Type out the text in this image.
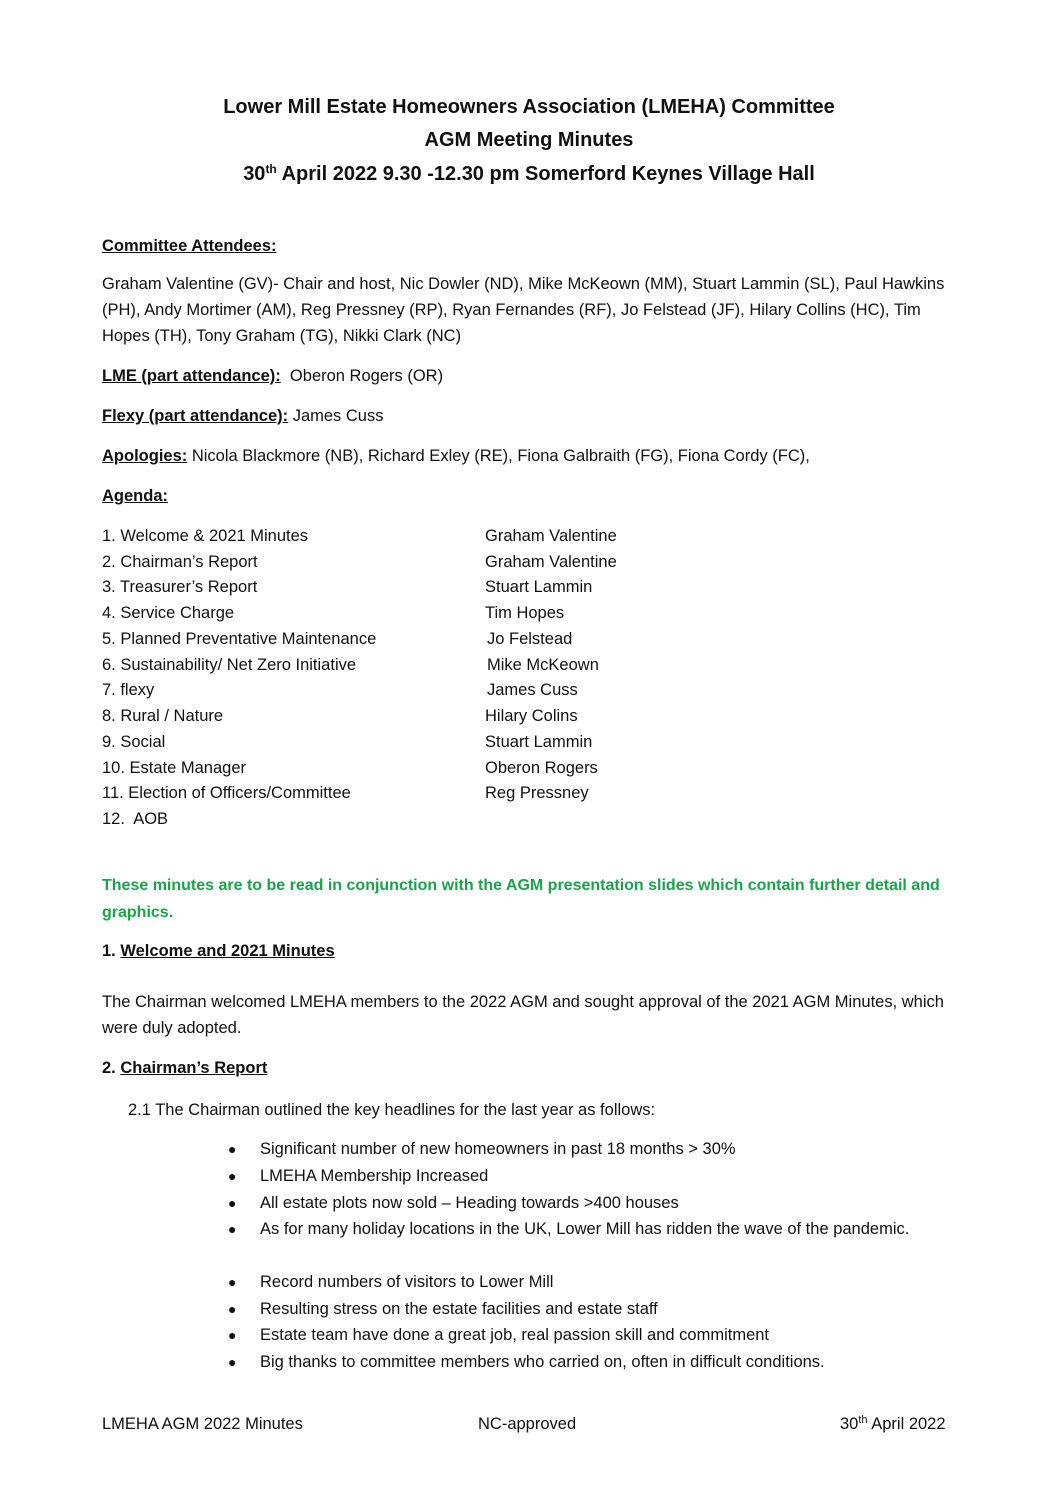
Lower Mill Estate Homeowners Association (LMEHA) Committee
AGM Meeting Minutes
30th April 2022 9.30 -12.30 pm Somerford Keynes Village Hall
Committee Attendees:
Graham Valentine (GV)- Chair and host, Nic Dowler (ND), Mike McKeown (MM), Stuart Lammin (SL), Paul Hawkins (PH), Andy Mortimer (AM), Reg Pressney (RP), Ryan Fernandes (RF), Jo Felstead (JF), Hilary Collins (HC), Tim Hopes (TH), Tony Graham (TG), Nikki Clark (NC)
LME (part attendance):  Oberon Rogers (OR)
Flexy (part attendance): James Cuss
Apologies: Nicola Blackmore (NB), Richard Exley (RE), Fiona Galbraith (FG), Fiona Cordy (FC),
Agenda:
1. Welcome & 2021 Minutes	Graham Valentine
2. Chairman’s Report	Graham Valentine
3. Treasurer’s Report	Stuart Lammin
4. Service Charge	Tim Hopes
5. Planned Preventative Maintenance	Jo Felstead
6. Sustainability/ Net Zero Initiative	Mike McKeown
7. flexy	James Cuss
8. Rural / Nature	Hilary Colins
9. Social	Stuart Lammin
10. Estate Manager	Oberon Rogers
11. Election of Officers/Committee	Reg Pressney
12.  AOB
These minutes are to be read in conjunction with the AGM presentation slides which contain further detail and graphics.
1. Welcome and 2021 Minutes
The Chairman welcomed LMEHA members to the 2022 AGM and sought approval of the 2021 AGM Minutes, which were duly adopted.
2. Chairman’s Report
2.1 The Chairman outlined the key headlines for the last year as follows:
● Significant number of new homeowners in past 18 months > 30%
● LMEHA Membership Increased
● All estate plots now sold – Heading towards >400 houses
● As for many holiday locations in the UK, Lower Mill has ridden the wave of the pandemic.
● Record numbers of visitors to Lower Mill
● Resulting stress on the estate facilities and estate staff
● Estate team have done a great job, real passion skill and commitment
● Big thanks to committee members who carried on, often in difficult conditions.
LMEHA AGM 2022 Minutes	NC-approved	30th April 2022
